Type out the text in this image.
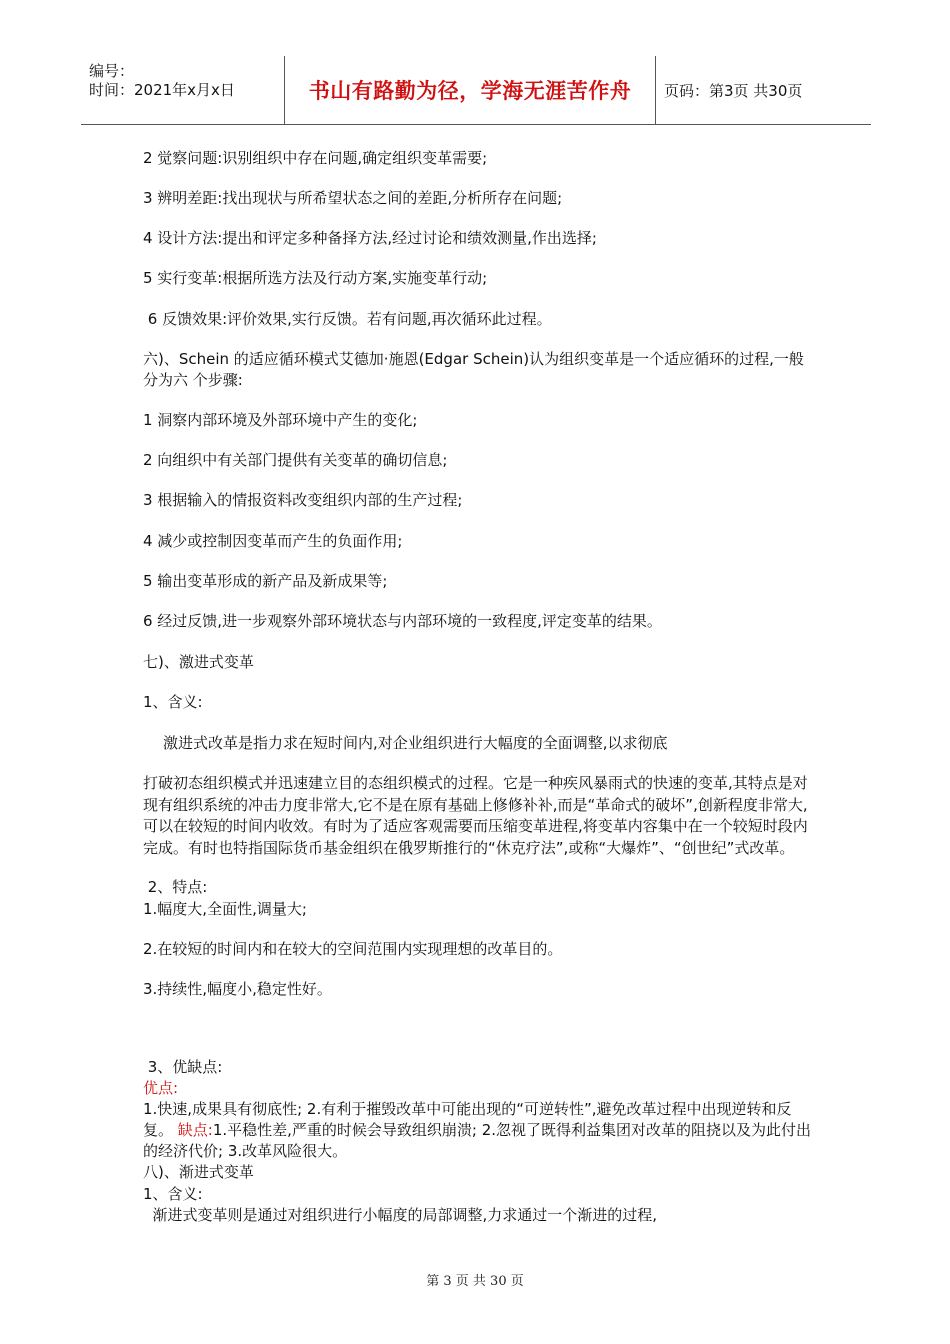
编号：
时间：2021年x月x日	书山有路勤为径，学海无涯苦作舟	页码：第3页 共30页
2 觉察问题:识别组织中存在问题,确定组织变革需要;
3 辨明差距:找出现状与所希望状态之间的差距,分析所存在问题;
4 设计方法:提出和评定多种备择方法,经过讨论和绩效测量,作出选择;
5 实行变革:根据所选方法及行动方案,实施变革行动;
6 反馈效果:评价效果,实行反馈。若有问题,再次循环此过程。
六)、Schein 的适应循环模式艾德加·施恩(Edgar Schein)认为组织变革是一个适应循环的过程,一般分为六 个步骤:
1 洞察内部环境及外部环境中产生的变化;
2 向组织中有关部门提供有关变革的确切信息;
3 根据输入的情报资料改变组织内部的生产过程;
4 减少或控制因变革而产生的负面作用;
5 输出变革形成的新产品及新成果等;
6 经过反馈,进一步观察外部环境状态与内部环境的一致程度,评定变革的结果。
七)、激进式变革
1、含义:
激进式改革是指力求在短时间内,对企业组织进行大幅度的全面调整,以求彻底
打破初态组织模式并迅速建立目的态组织模式的过程。它是一种疾风暴雨式的快速的变革,其特点是对现有组织系统的冲击力度非常大,它不是在原有基础上修修补补,而是“革命式的破坏”,创新程度非常大,可以在较短的时间内收效。有时为了适应客观需要而压缩变革进程,将变革内容集中在一个较短时段内完成。有时也特指国际货币基金组织在俄罗斯推行的“休克疗法”,或称“大爆炸”、“创世纪”式改革。
2、特点:
1.幅度大,全面性,调量大;
2.在较短的时间内和在较大的空间范围内实现理想的改革目的。
3.持续性,幅度小,稳定性好。
3、优缺点:
优点:
1.快速,成果具有彻底性; 2.有利于摧毁改革中可能出现的“可逆转性”,避免改革过程中出现逆转和反复。 缺点:1.平稳性差,严重的时候会导致组织崩溃; 2.忽视了既得利益集团对改革的阻挠以及为此付出的经济代价; 3.改革风险很大。
八)、渐进式变革
1、含义:
渐进式变革则是通过对组织进行小幅度的局部调整,力求通过一个渐进的过程,
第 3 页 共 30 页
